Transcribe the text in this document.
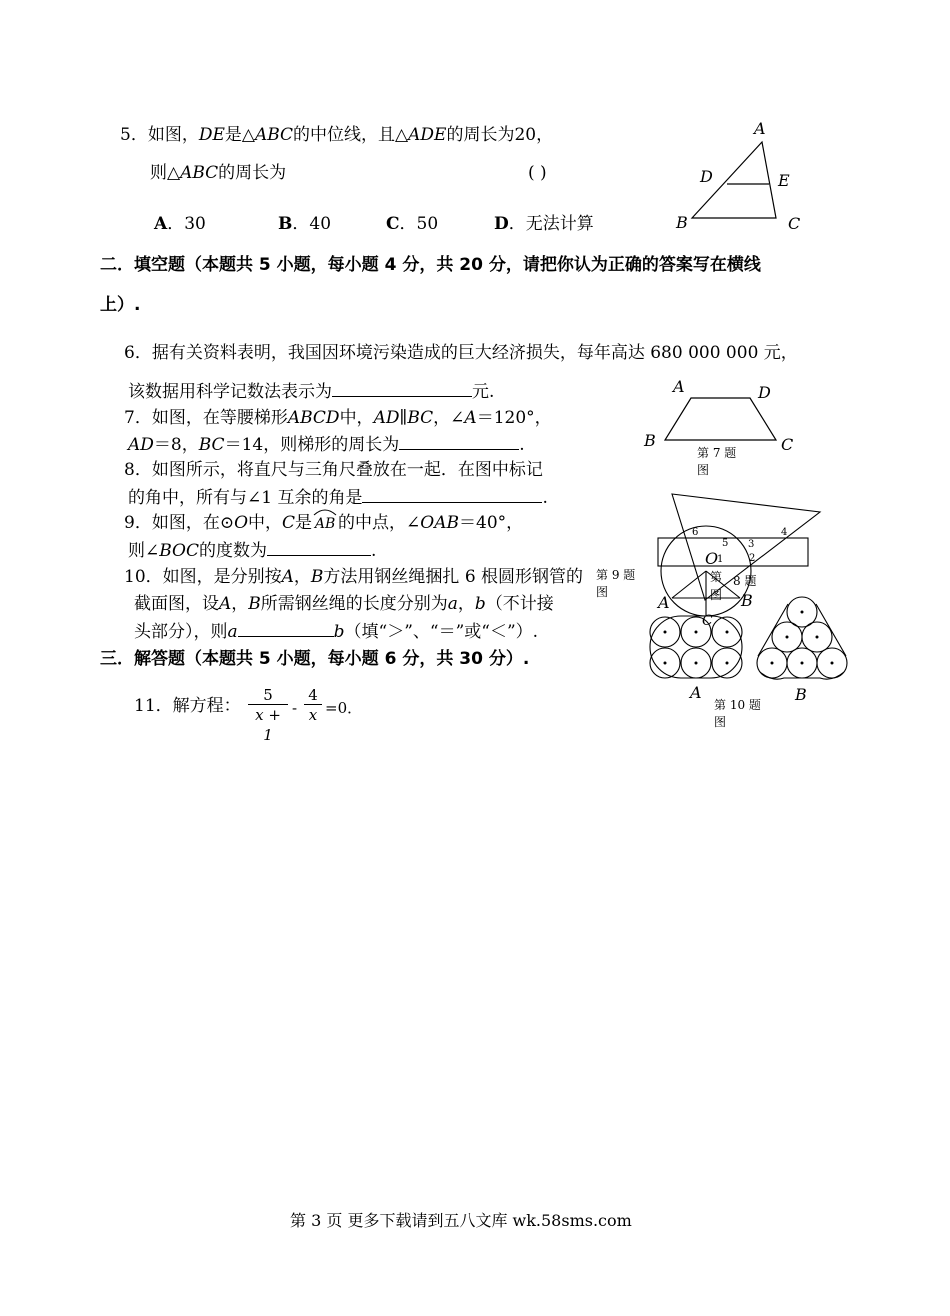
5．如图，DE是△ABC的中位线，且△ADE的周长为20，
则△ABC的周长为	( )
A．30	B．40	C．50	D．无法计算
二．填空题（本题共 5 小题，每小题 4 分，共 20 分，请把你认为正确的答案写在横线
上）.
6．据有关资料表明，我国因环境污染造成的巨大经济损失，每年高达 680 000 000 元，
该数据用科学记数法表示为	元.
7．如图，在等腰梯形ABCD中，AD∥BC，∠A＝120°，
AD＝8，BC＝14，则梯形的周长为	.
8．如图所示，将直尺与三角尺叠放在一起．在图中标记
的角中，所有与∠1 互余的角是	.
9．如图，在⊙O中，C是 AB 的中点，∠OAB＝40°，
则∠BOC的度数为	.
10．如图，是分别按A，B方法用钢丝绳捆扎 6 根圆形钢管的
截面图，设A，B所需钢丝绳的长度分别为a，b（不计接
头部分），则a	b（填“＞”、“＝”或“＜”）.
三．解答题（本题共 5 小题，每小题 6 分，共 30 分）.
11．解方程： $\frac{5}{x + 1} - \frac{4}{x} =0$．
A
D	E
B	C
A	D
B	C
第 7 题
图
6
5 3
4
1	2
第 8 题
图
O
A	B
C
第 9 题
图
A	B
第 10 题
图
第 3 页 更多下载请到五八文库 wk.58sms.com
